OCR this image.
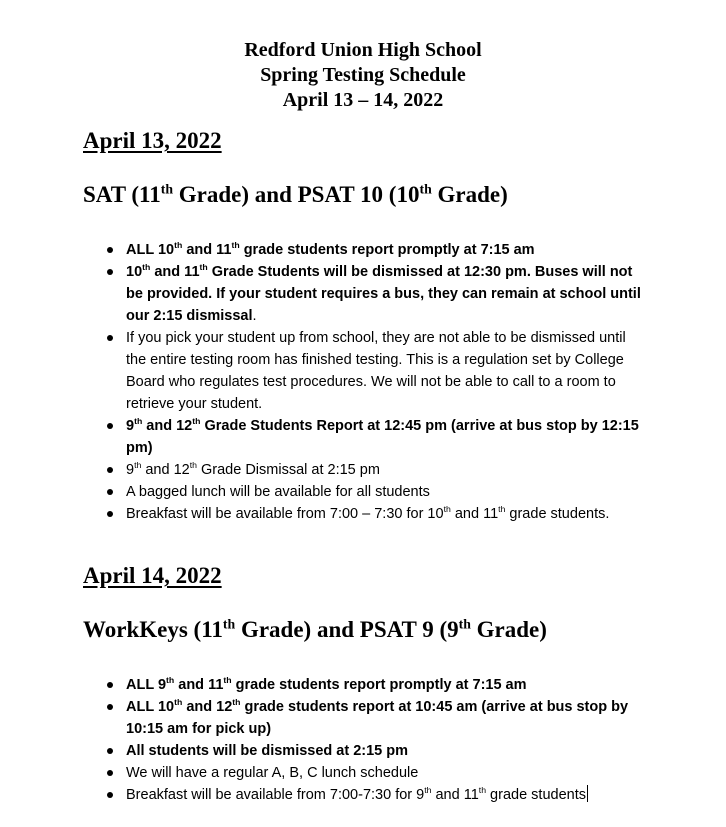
Redford Union High School
Spring Testing Schedule
April 13 – 14, 2022
April 13, 2022
SAT (11th Grade) and PSAT 10 (10th Grade)
ALL 10th and 11th grade students report promptly at 7:15 am
10th and 11th Grade Students will be dismissed at 12:30 pm. Buses will not be provided. If your student requires a bus, they can remain at school until our 2:15 dismissal.
If you pick your student up from school, they are not able to be dismissed until the entire testing room has finished testing. This is a regulation set by College Board who regulates test procedures. We will not be able to call to a room to retrieve your student.
9th and 12th Grade Students Report at 12:45 pm (arrive at bus stop by 12:15 pm)
9th and 12th Grade Dismissal at 2:15 pm
A bagged lunch will be available for all students
Breakfast will be available from 7:00 – 7:30 for 10th and 11th grade students.
April 14, 2022
WorkKeys (11th Grade) and PSAT 9 (9th Grade)
ALL 9th and 11th grade students report promptly at 7:15 am
ALL 10th and 12th grade students report at 10:45 am (arrive at bus stop by 10:15 am for pick up)
All students will be dismissed at 2:15 pm
We will have a regular A, B, C lunch schedule
Breakfast will be available from 7:00-7:30 for 9th and 11th grade students
